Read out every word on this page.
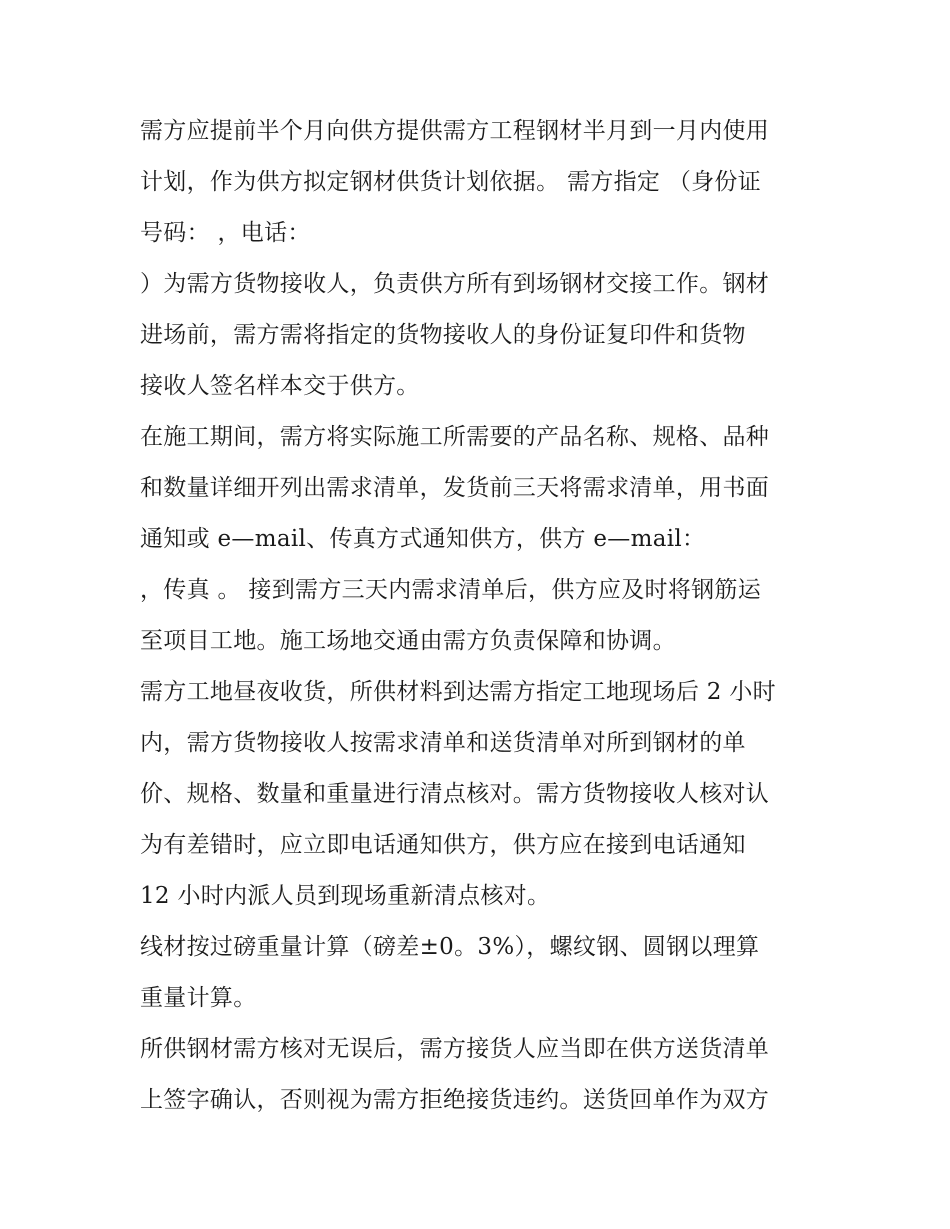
需方应提前半个月向供方提供需方工程钢材半月到一月内使用
计划，作为供方拟定钢材供货计划依据。 需方指定 （身份证
号码： ，电话：
）为需方货物接收人，负责供方所有到场钢材交接工作。钢材
进场前，需方需将指定的货物接收人的身份证复印件和货物
接收人签名样本交于供方。
在施工期间，需方将实际施工所需要的产品名称、规格、品种
和数量详细开列出需求清单，发货前三天将需求清单，用书面
通知或 e—mail、传真方式通知供方，供方 e—mail：
，传真 。 接到需方三天内需求清单后，供方应及时将钢筋运
至项目工地。施工场地交通由需方负责保障和协调。
需方工地昼夜收货，所供材料到达需方指定工地现场后 2 小时
内，需方货物接收人按需求清单和送货清单对所到钢材的单
价、规格、数量和重量进行清点核对。需方货物接收人核对认
为有差错时，应立即电话通知供方，供方应在接到电话通知
12 小时内派人员到现场重新清点核对。
线材按过磅重量计算（磅差±0。3%），螺纹钢、圆钢以理算
重量计算。
所供钢材需方核对无误后，需方接货人应当即在供方送货清单
上签字确认，否则视为需方拒绝接货违约。送货回单作为双方
